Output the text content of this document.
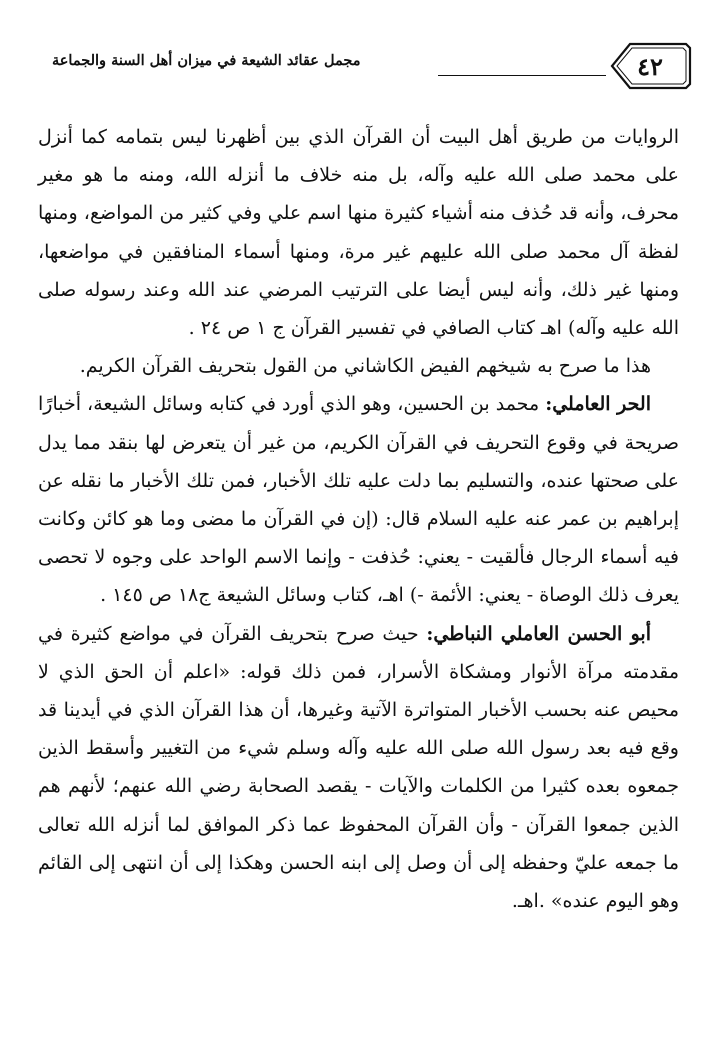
٤٢
مجمل عقائد الشيعة في ميزان أهل السنة والجماعة

الروايات من طريق أهل البيت أن القرآن الذي بين أظهرنا ليس بتمامه كما أنزل على محمد صلى الله عليه وآله، بل منه خلاف ما أنزله الله، ومنه ما هو مغير محرف، وأنه قد حُذف منه أشياء كثيرة منها اسم علي وفي كثير من المواضع، ومنها لفظة آل محمد صلى الله عليهم غير مرة، ومنها أسماء المنافقين في مواضعها، ومنها غير ذلك، وأنه ليس أيضا على الترتيب المرضي عند الله وعند رسوله صلى الله عليه وآله) اهـ كتاب الصافي في تفسير القرآن ج ١ ص ٢٤ .

هذا ما صرح به شيخهم الفيض الكاشاني من القول بتحريف القرآن الكريم.

الحر العاملي: محمد بن الحسين، وهو الذي أورد في كتابه وسائل الشيعة، أخبارًا صريحة في وقوع التحريف في القرآن الكريم، من غير أن يتعرض لها بنقد مما يدل على صحتها عنده، والتسليم بما دلت عليه تلك الأخبار، فمن تلك الأخبار ما نقله عن إبراهيم بن عمر عنه عليه السلام قال: (إن في القرآن ما مضى وما هو كائن وكانت فيه أسماء الرجال فألقيت - يعني: حُذفت - وإنما الاسم الواحد على وجوه لا تحصى يعرف ذلك الوصاة - يعني: الأئمة -) اهـ، كتاب وسائل الشيعة ج١٨ ص ١٤٥ .

أبو الحسن العاملي النباطي: حيث صرح بتحريف القرآن في مواضع كثيرة في مقدمته مرآة الأنوار ومشكاة الأسرار، فمن ذلك قوله: «اعلم أن الحق الذي لا محيص عنه بحسب الأخبار المتواترة الآتية وغيرها، أن هذا القرآن الذي في أيدينا قد وقع فيه بعد رسول الله صلى الله عليه وآله وسلم شيء من التغيير وأسقط الذين جمعوه بعده كثيرا من الكلمات والآيات - يقصد الصحابة رضي الله عنهم؛ لأنهم هم الذين جمعوا القرآن - وأن القرآن المحفوظ عما ذكر الموافق لما أنزله الله تعالى ما جمعه عليّ وحفظه إلى أن وصل إلى ابنه الحسن وهكذا إلى أن انتهى إلى القائم وهو اليوم عنده» .اهـ.
